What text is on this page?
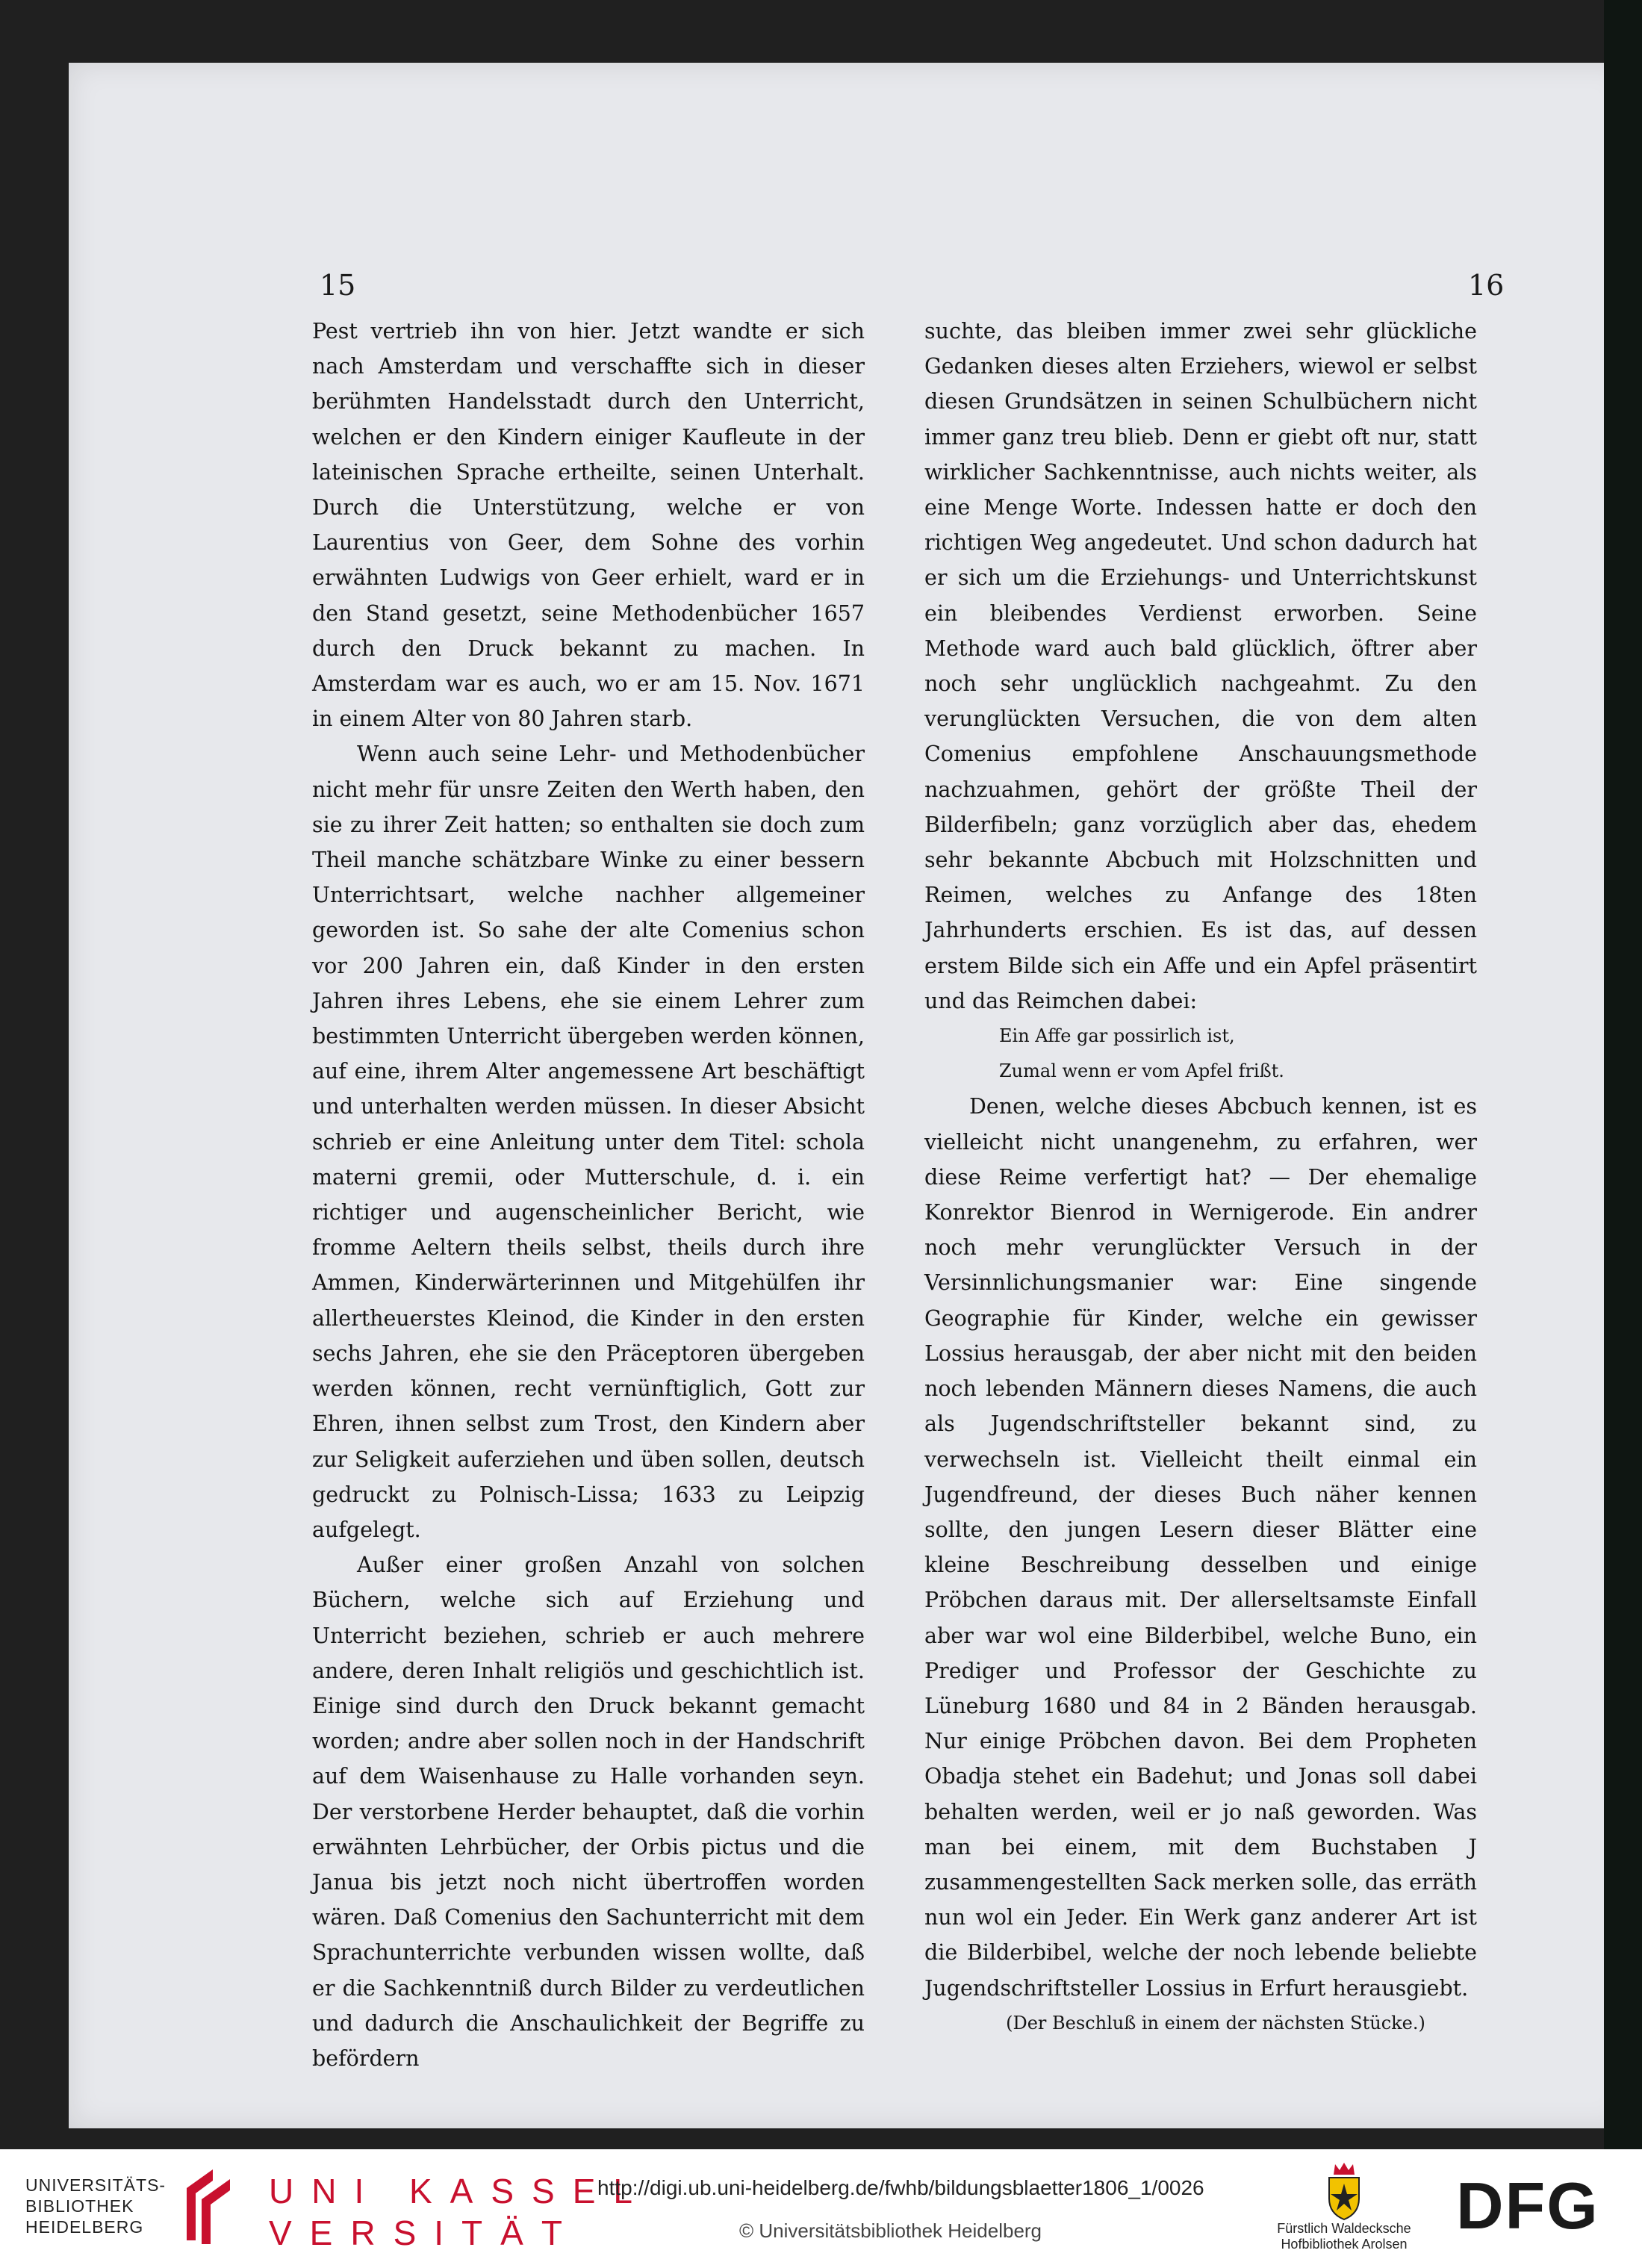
15	16

Pest vertrieb ihn von hier. Jetzt wandte er sich nach Amsterdam und verschaffte sich in dieser berühmten Handelsstadt durch den Unterricht, welchen er den Kindern einiger Kaufleute in der lateinischen Sprache ertheilte, seinen Unterhalt. Durch die Unterstützung, welche er von Laurentius von Geer, dem Sohne des vorhin erwähnten Ludwigs von Geer erhielt, ward er in den Stand gesetzt, seine Methodenbücher 1657 durch den Druck bekannt zu machen. In Amsterdam war es auch, wo er am 15. Nov. 1671 in einem Alter von 80 Jahren starb.

Wenn auch seine Lehr- und Methodenbücher nicht mehr für unsre Zeiten den Werth haben, den sie zu ihrer Zeit hatten; so enthalten sie doch zum Theil manche schätzbare Winke zu einer bessern Unterrichtsart, welche nachher allgemeiner geworden ist. So sahe der alte Comenius schon vor 200 Jahren ein, daß Kinder in den ersten Jahren ihres Lebens, ehe sie einem Lehrer zum bestimmten Unterricht übergeben werden können, auf eine, ihrem Alter angemessene Art beschäftigt und unterhalten werden müssen. In dieser Absicht schrieb er eine Anleitung unter dem Titel: schola materni gremii, oder Mutterschule, d. i. ein richtiger und augenscheinlicher Bericht, wie fromme Aeltern theils selbst, theils durch ihre Ammen, Kinderwärterinnen und Mitgehülfen ihr allertheuerstes Kleinod, die Kinder in den ersten sechs Jahren, ehe sie den Präceptoren übergeben werden können, recht vernünftiglich, Gott zur Ehren, ihnen selbst zum Trost, den Kindern aber zur Seligkeit auferziehen und üben sollen, deutsch gedruckt zu Polnisch-Lissa; 1633 zu Leipzig aufgelegt.

Außer einer großen Anzahl von solchen Büchern, welche sich auf Erziehung und Unterricht beziehen, schrieb er auch mehrere andere, deren Inhalt religiös und geschichtlich ist. Einige sind durch den Druck bekannt gemacht worden; andre aber sollen noch in der Handschrift auf dem Waisenhause zu Halle vorhanden seyn. Der verstorbene Herder behauptet, daß die vorhin erwähnten Lehrbücher, der Orbis pictus und die Janua bis jetzt noch nicht übertroffen worden wären. Daß Comenius den Sachunterricht mit dem Sprachunterrichte verbunden wissen wollte, daß er die Sachkenntniß durch Bilder zu verdeutlichen und dadurch die Anschaulichkeit der Begriffe zu befördern

suchte, das bleiben immer zwei sehr glückliche Gedanken dieses alten Erziehers, wiewol er selbst diesen Grundsätzen in seinen Schulbüchern nicht immer ganz treu blieb. Denn er giebt oft nur, statt wirklicher Sachkenntnisse, auch nichts weiter, als eine Menge Worte. Indessen hatte er doch den richtigen Weg angedeutet. Und schon dadurch hat er sich um die Erziehungs- und Unterrichtskunst ein bleibendes Verdienst erworben. Seine Methode ward auch bald glücklich, öftrer aber noch sehr unglücklich nachgeahmt. Zu den verunglückten Versuchen, die von dem alten Comenius empfohlene Anschauungsmethode nachzuahmen, gehört der größte Theil der Bilderfibeln; ganz vorzüglich aber das, ehedem sehr bekannte Abcbuch mit Holzschnitten und Reimen, welches zu Anfange des 18ten Jahrhunderts erschien. Es ist das, auf dessen erstem Bilde sich ein Affe und ein Apfel präsentirt und das Reimchen dabei:

Ein Affe gar possirlich ist,
Zumal wenn er vom Apfel frißt.

Denen, welche dieses Abcbuch kennen, ist es vielleicht nicht unangenehm, zu erfahren, wer diese Reime verfertigt hat? — Der ehemalige Konrektor Bienrod in Wernigerode. Ein andrer noch mehr verunglückter Versuch in der Versinnlichungsmanier war: Eine singende Geographie für Kinder, welche ein gewisser Lossius herausgab, der aber nicht mit den beiden noch lebenden Männern dieses Namens, die auch als Jugendschriftsteller bekannt sind, zu verwechseln ist. Vielleicht theilt einmal ein Jugendfreund, der dieses Buch näher kennen sollte, den jungen Lesern dieser Blätter eine kleine Beschreibung desselben und einige Pröbchen daraus mit. Der allerseltsamste Einfall aber war wol eine Bilderbibel, welche Buno, ein Prediger und Professor der Geschichte zu Lüneburg 1680 und 84 in 2 Bänden herausgab. Nur einige Pröbchen davon. Bei dem Propheten Obadja stehet ein Badehut; und Jonas soll dabei behalten werden, weil er jo naß geworden. Was man bei einem, mit dem Buchstaben J zusammengestellten Sack merken solle, das erräth nun wol ein Jeder. Ein Werk ganz anderer Art ist die Bilderbibel, welche der noch lebende beliebte Jugendschriftsteller Lossius in Erfurt herausgiebt.

(Der Beschluß in einem der nächsten Stücke.)
UNIVERSITÄTS-
BIBLIOTHEK
HEIDELBERG
UNI KASSEL
VERSITÄT
http://digi.ub.uni-heidelberg.de/fwhb/bildungsblaetter1806_1/0026
© Universitätsbibliothek Heidelberg	Fürstlich Waldecksche
Hofbibliothek Arolsen
DFG
